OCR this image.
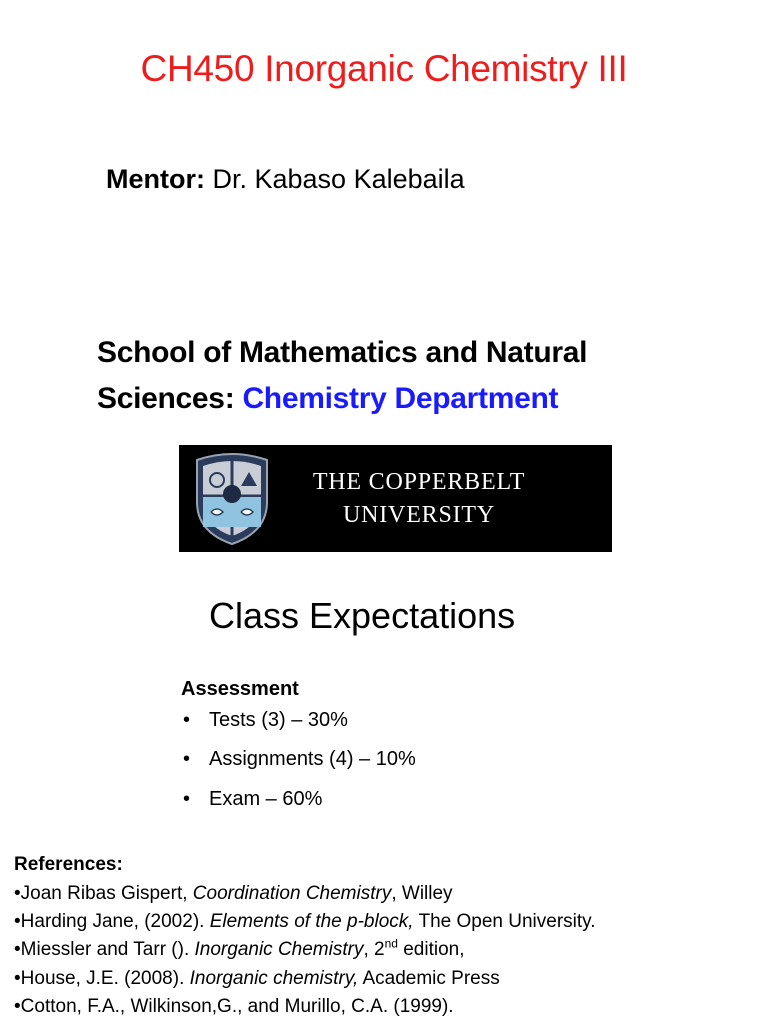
CH450 Inorganic Chemistry III
Mentor: Dr. Kabaso Kalebaila
School of Mathematics and Natural
Sciences: Chemistry Department
THE COPPERBELT
UNIVERSITY
Class Expectations
Assessment
• Tests (3) – 30%
• Assignments (4) – 10%
• Exam – 60%
References:
•Joan Ribas Gispert, Coordination Chemistry, Willey
•Harding Jane, (2002). Elements of the p-block, The Open University.
•Miessler and Tarr (). Inorganic Chemistry, 2nd edition,
•House, J.E. (2008). Inorganic chemistry, Academic Press
•Cotton, F.A., Wilkinson,G., and Murillo, C.A. (1999).
